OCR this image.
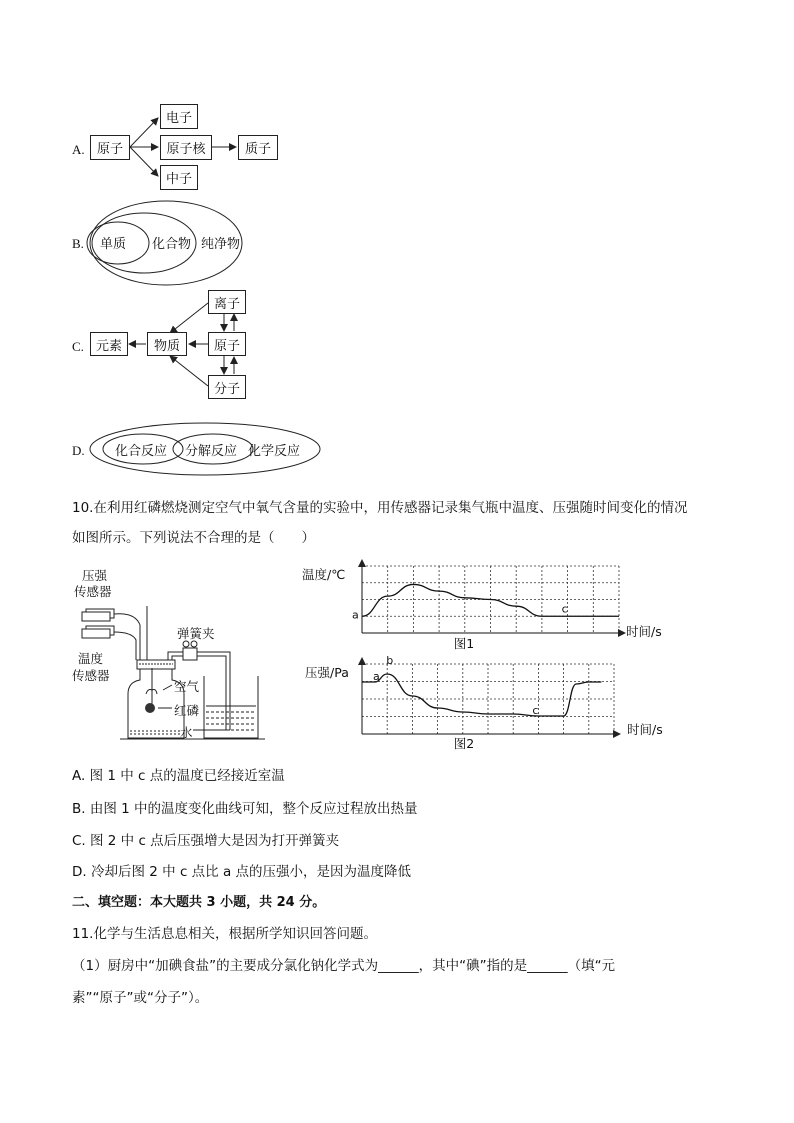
A. 原子
电子
原子核	质子
中子
B. 单质 化合物 纯净物
C. 元素	物质
离子
原子
分子
D. 化合反应 分解反应 化学反应
10.在利用红磷燃烧测定空气中氧气含量的实验中，用传感器记录集气瓶中温度、压强随时间变化的情况
如图所示。下列说法不合理的是（　　）
压强
传感器
温度
传感器
弹簧夹
空气
红磷
水
a	c
温度/℃
时间/s
图1
a
b
c
压强/Pa
时间/s
图2
A. 图 1 中 c 点的温度已经接近室温
B. 由图 1 中的温度变化曲线可知，整个反应过程放出热量
C. 图 2 中 c 点后压强增大是因为打开弹簧夹
D. 冷却后图 2 中 c 点比 a 点的压强小，是因为温度降低
二、填空题：本大题共 3 小题，共 24 分。
11.化学与生活息息相关，根据所学知识回答问题。
（1）厨房中“加碘食盐”的主要成分氯化钠化学式为______，其中“碘”指的是______（填“元
素”“原子”或“分子”）。
